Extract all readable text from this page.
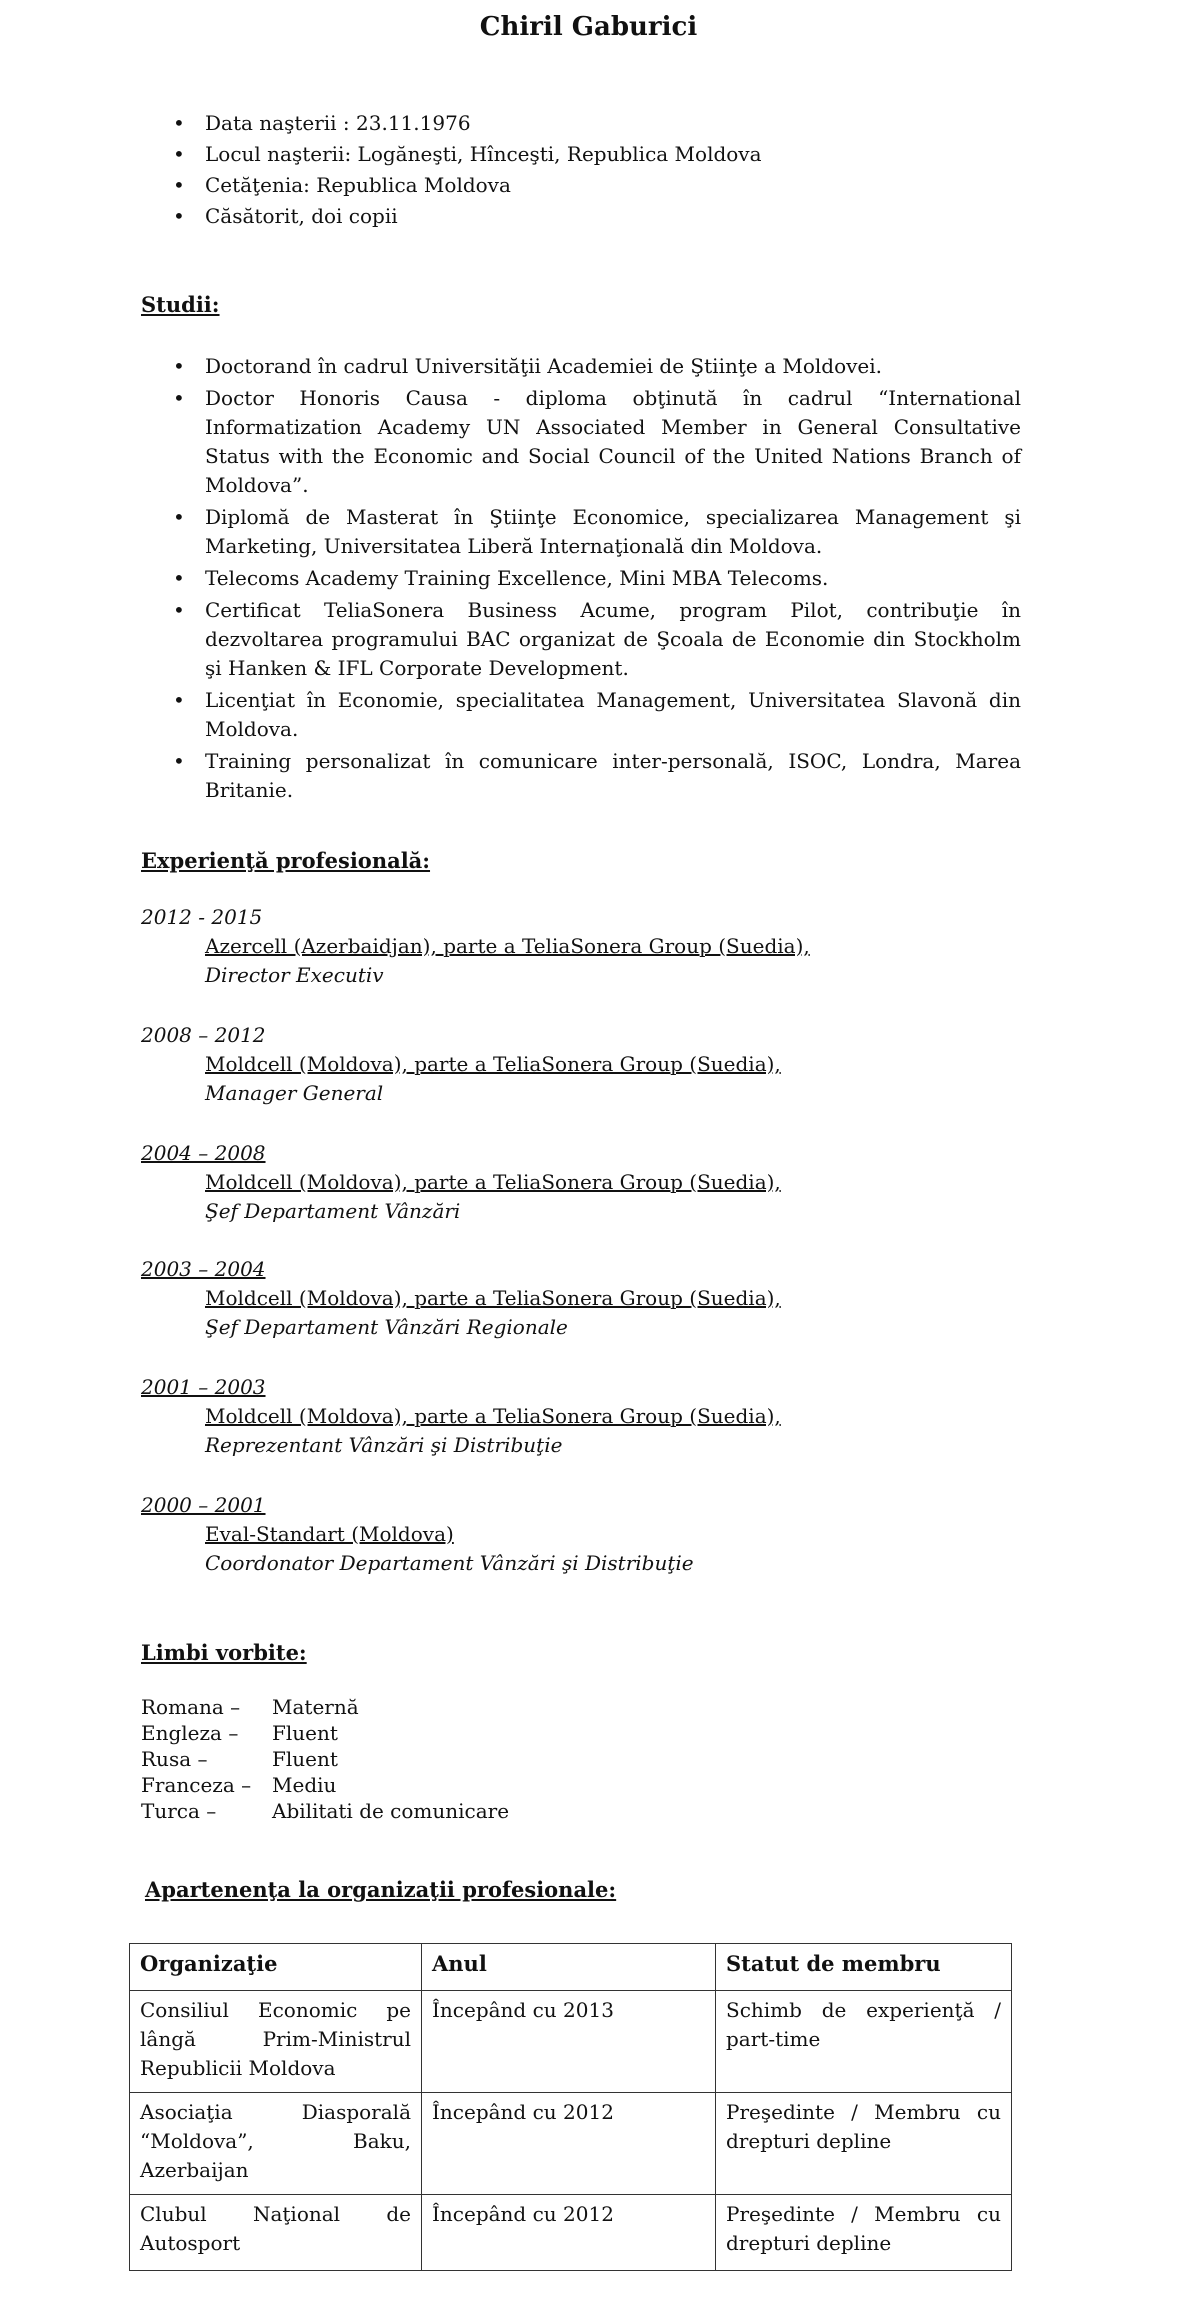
Chiril Gaburici
• Data naşterii : 23.11.1976
• Locul naşterii: Logăneşti, Hînceşti, Republica Moldova
• Cetăţenia: Republica Moldova
• Căsătorit, doi copii
Studii:
• Doctorand în cadrul Universităţii Academiei de Ştiinţe a Moldovei.
• Doctor Honoris Causa - diploma obţinută în cadrul “International Informatization Academy UN Associated Member in General Consultative Status with the Economic and Social Council of the United Nations Branch of Moldova”.
• Diplomă de Masterat în Ştiinţe Economice, specializarea Management şi Marketing, Universitatea Liberă Internaţională din Moldova.
• Telecoms Academy Training Excellence, Mini MBA Telecoms.
• Certificat TeliaSonera Business Acume, program Pilot, contribuţie în dezvoltarea programului BAC organizat de Şcoala de Economie din Stockholm şi Hanken & IFL Corporate Development.
• Licenţiat în Economie, specialitatea Management, Universitatea Slavonă din Moldova.
• Training personalizat în comunicare inter-personală, ISOC, Londra, Marea Britanie.
Experienţă profesională:
2012 - 2015
Azercell (Azerbaidjan), parte a TeliaSonera Group (Suedia),
Director Executiv
2008 – 2012
Moldcell (Moldova), parte a TeliaSonera Group (Suedia),
Manager General
2004 – 2008
Moldcell (Moldova), parte a TeliaSonera Group (Suedia),
Şef Departament Vânzări
2003 – 2004
Moldcell (Moldova), parte a TeliaSonera Group (Suedia),
Şef Departament Vânzări Regionale
2001 – 2003
Moldcell (Moldova), parte a TeliaSonera Group (Suedia),
Reprezentant Vânzări şi Distribuţie
2000 – 2001
Eval-Standart (Moldova)
Coordonator Departament Vânzări şi Distribuţie
Limbi vorbite:
Romana –	Maternă
Engleza –	Fluent
Rusa –	Fluent
Franceza –	Mediu
Turca –	Abilitati de comunicare
Apartenenţa la organizaţii profesionale:
Organizaţie	Anul	Statut de membru
Consiliul Economic pe lângă Prim-Ministrul Republicii Moldova	Începând cu 2013	Schimb de experienţă / part-time
Asociaţia Diasporală “Moldova”, Baku, Azerbaijan	Începând cu 2012	Preşedinte / Membru cu drepturi depline
Clubul Naţional de Autosport	Începând cu 2012	Preşedinte / Membru cu drepturi depline
